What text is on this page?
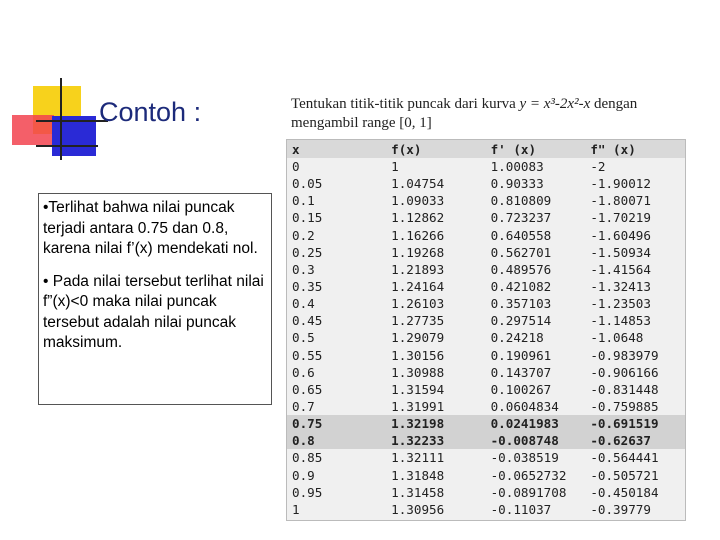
Contoh :

•Terlihat bahwa nilai puncak terjadi antara 0.75 dan 0.8, karena nilai f’(x) mendekati nol.

• Pada nilai tersebut terlihat nilai f”(x)<0 maka nilai puncak tersebut adalah nilai puncak maksimum.

Tentukan titik-titik puncak dari kurva y = x³-2x²-x dengan
mengambil range [0, 1]
x	f(x)	f' (x)	f" (x)
0	1	1.00083	-2
0.05	1.04754	0.90333	-1.90012
0.1	1.09033	0.810809	-1.80071
0.15	1.12862	0.723237	-1.70219
0.2	1.16266	0.640558	-1.60496
0.25	1.19268	0.562701	-1.50934
0.3	1.21893	0.489576	-1.41564
0.35	1.24164	0.421082	-1.32413
0.4	1.26103	0.357103	-1.23503
0.45	1.27735	0.297514	-1.14853
0.5	1.29079	0.24218	-1.0648
0.55	1.30156	0.190961	-0.983979
0.6	1.30988	0.143707	-0.906166
0.65	1.31594	0.100267	-0.831448
0.7	1.31991	0.0604834	-0.759885
0.75	1.32198	0.0241983	-0.691519
0.8	1.32233	-0.008748	-0.62637
0.85	1.32111	-0.038519	-0.564441
0.9	1.31848	-0.0652732	-0.505721
0.95	1.31458	-0.0891708	-0.450184
1	1.30956	-0.11037	-0.39779
